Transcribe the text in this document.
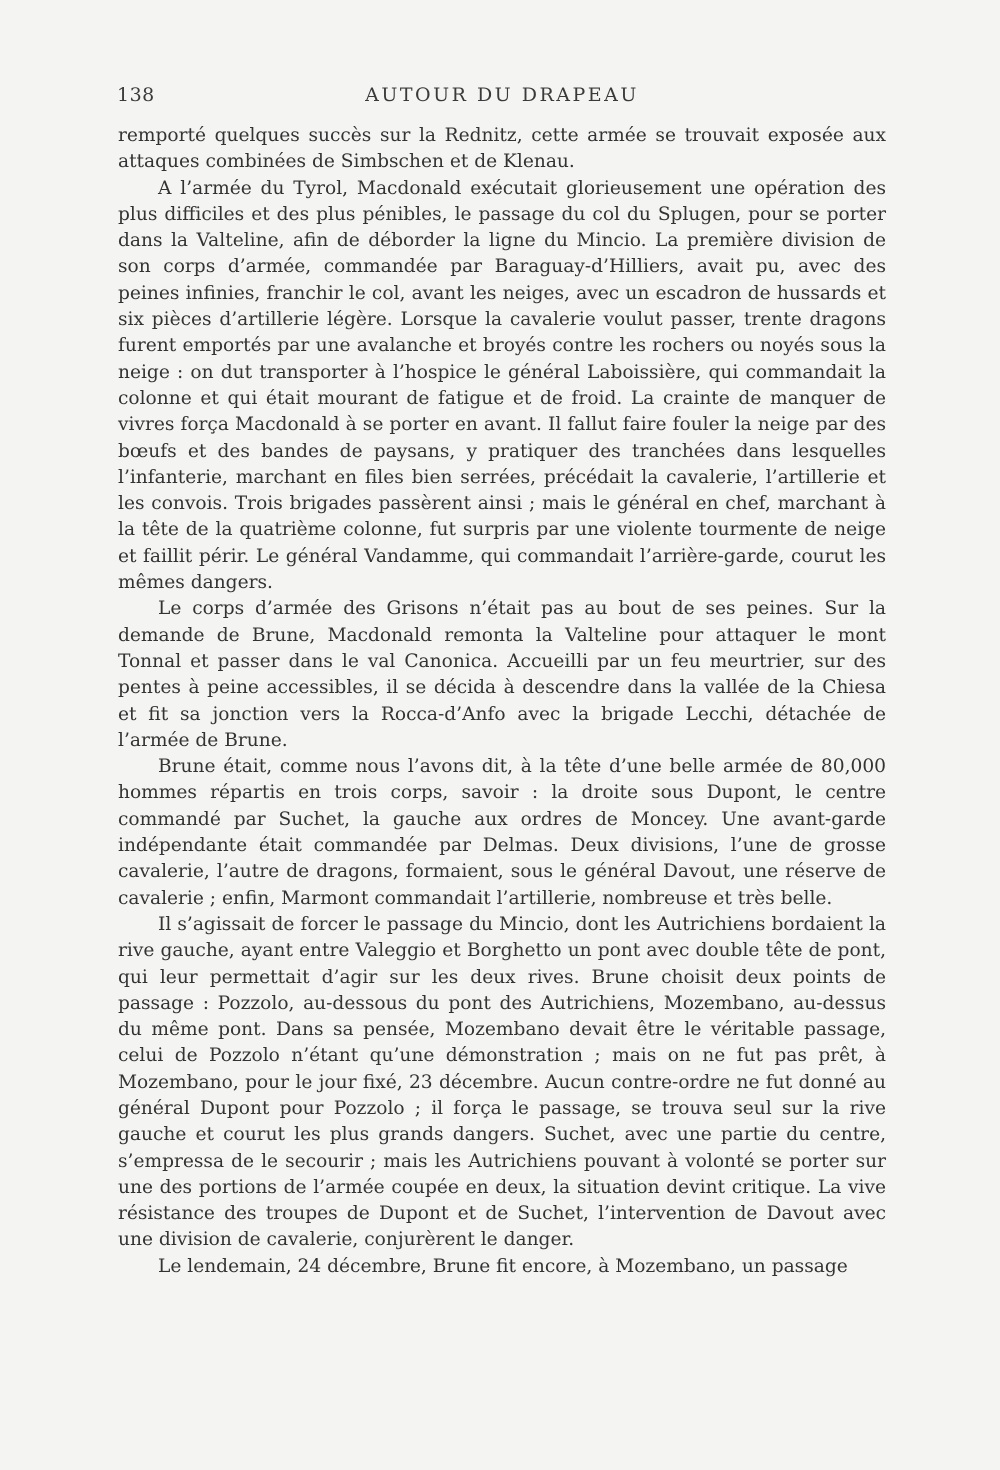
138	AUTOUR DU DRAPEAU

remporté quelques succès sur la Rednitz, cette armée se trouvait exposée aux attaques combinées de Simbschen et de Klenau.

A l’armée du Tyrol, Macdonald exécutait glorieusement une opération des plus difficiles et des plus pénibles, le passage du col du Splugen, pour se porter dans la Valteline, afin de déborder la ligne du Mincio. La première division de son corps d’armée, commandée par Baraguay-d’Hilliers, avait pu, avec des peines infinies, franchir le col, avant les neiges, avec un escadron de hussards et six pièces d’artillerie légère. Lorsque la cavalerie voulut passer, trente dragons furent emportés par une avalanche et broyés contre les rochers ou noyés sous la neige : on dut transporter à l’hospice le général Laboissière, qui commandait la colonne et qui était mourant de fatigue et de froid. La crainte de manquer de vivres força Macdonald à se porter en avant. Il fallut faire fouler la neige par des bœufs et des bandes de paysans, y pratiquer des tranchées dans lesquelles l’infanterie, marchant en files bien serrées, précédait la cavalerie, l’artillerie et les convois. Trois brigades passèrent ainsi ; mais le général en chef, marchant à la tête de la quatrième colonne, fut surpris par une violente tourmente de neige et faillit périr. Le général Vandamme, qui commandait l’arrière-garde, courut les mêmes dangers.

Le corps d’armée des Grisons n’était pas au bout de ses peines. Sur la demande de Brune, Macdonald remonta la Valteline pour attaquer le mont Tonnal et passer dans le val Canonica. Accueilli par un feu meurtrier, sur des pentes à peine accessibles, il se décida à descendre dans la vallée de la Chiesa et fit sa jonction vers la Rocca-d’Anfo avec la brigade Lecchi, détachée de l’armée de Brune.

Brune était, comme nous l’avons dit, à la tête d’une belle armée de 80,000 hommes répartis en trois corps, savoir : la droite sous Dupont, le centre commandé par Suchet, la gauche aux ordres de Moncey. Une avant-garde indépendante était commandée par Delmas. Deux divisions, l’une de grosse cavalerie, l’autre de dragons, formaient, sous le général Davout, une réserve de cavalerie ; enfin, Marmont commandait l’artillerie, nombreuse et très belle.

Il s’agissait de forcer le passage du Mincio, dont les Autrichiens bordaient la rive gauche, ayant entre Valeggio et Borghetto un pont avec double tête de pont, qui leur permettait d’agir sur les deux rives. Brune choisit deux points de passage : Pozzolo, au-dessous du pont des Autrichiens, Mozembano, au-dessus du même pont. Dans sa pensée, Mozembano devait être le véritable passage, celui de Pozzolo n’étant qu’une démonstration ; mais on ne fut pas prêt, à Mozembano, pour le jour fixé, 23 décembre. Aucun contre-ordre ne fut donné au général Dupont pour Pozzolo ; il força le passage, se trouva seul sur la rive gauche et courut les plus grands dangers. Suchet, avec une partie du centre, s’empressa de le secourir ; mais les Autrichiens pouvant à volonté se porter sur une des portions de l’armée coupée en deux, la situation devint critique. La vive résistance des troupes de Dupont et de Suchet, l’intervention de Davout avec une division de cavalerie, conjurèrent le danger.

Le lendemain, 24 décembre, Brune fit encore, à Mozembano, un passage
